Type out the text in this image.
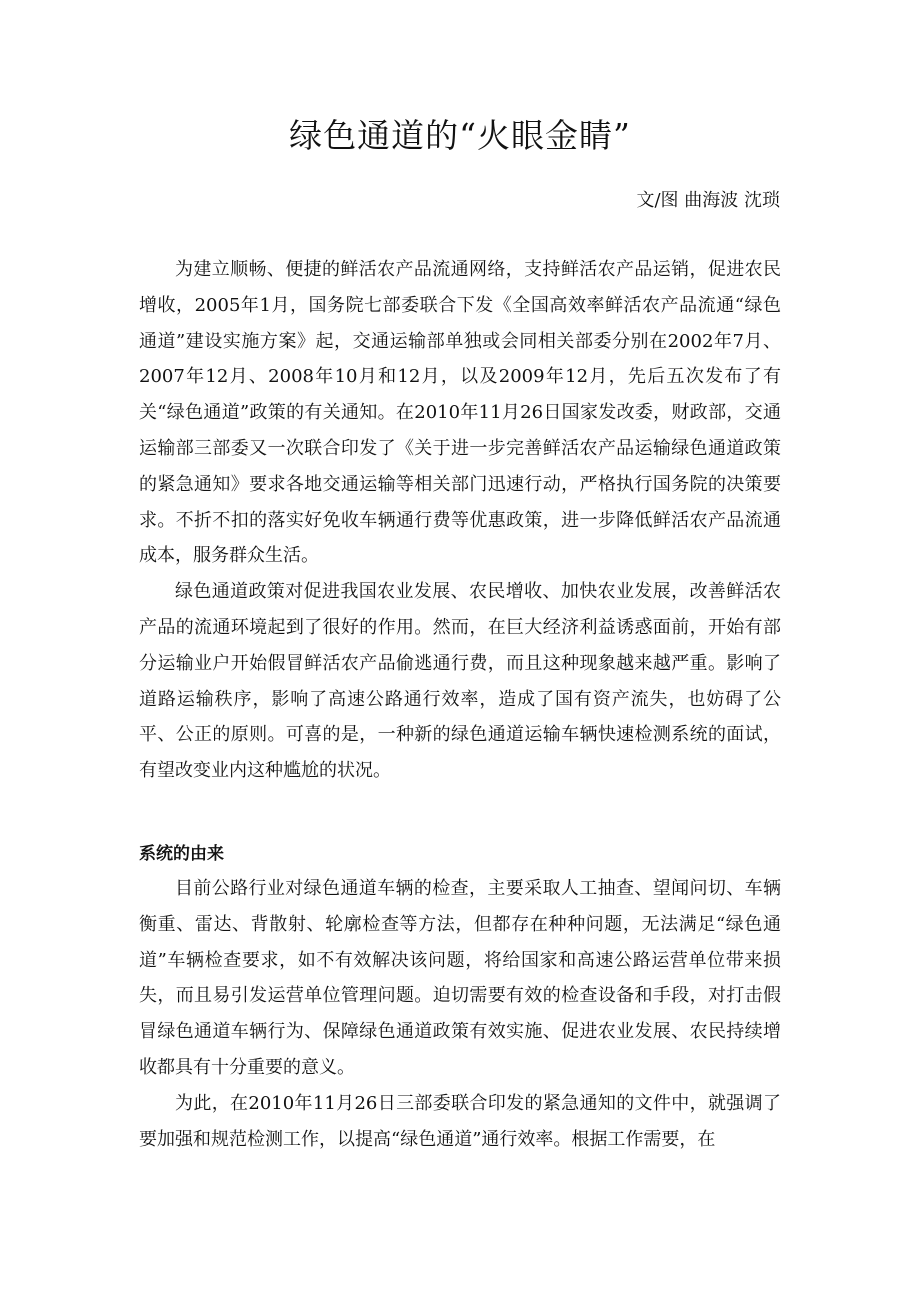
绿色通道的“火眼金睛”

文/图 曲海波 沈琐

为建立顺畅、便捷的鲜活农产品流通网络，支持鲜活农产品运销，促进农民增收，2005年1月，国务院七部委联合下发《全国高效率鲜活农产品流通“绿色通道”建设实施方案》起，交通运输部单独或会同相关部委分别在2002年7月、2007年12月、2008年10月和12月，以及2009年12月，先后五次发布了有关“绿色通道”政策的有关通知。在2010年11月26日国家发改委，财政部，交通运输部三部委又一次联合印发了《关于进一步完善鲜活农产品运输绿色通道政策的紧急通知》要求各地交通运输等相关部门迅速行动，严格执行国务院的决策要求。不折不扣的落实好免收车辆通行费等优惠政策，进一步降低鲜活农产品流通成本，服务群众生活。

绿色通道政策对促进我国农业发展、农民增收、加快农业发展，改善鲜活农产品的流通环境起到了很好的作用。然而，在巨大经济利益诱惑面前，开始有部分运输业户开始假冒鲜活农产品偷逃通行费，而且这种现象越来越严重。影响了道路运输秩序，影响了高速公路通行效率，造成了国有资产流失，也妨碍了公平、公正的原则。可喜的是，一种新的绿色通道运输车辆快速检测系统的面试，有望改变业内这种尴尬的状况。

系统的由来

目前公路行业对绿色通道车辆的检查，主要采取人工抽查、望闻问切、车辆衡重、雷达、背散射、轮廓检查等方法，但都存在种种问题，无法满足“绿色通道”车辆检查要求，如不有效解决该问题，将给国家和高速公路运营单位带来损失，而且易引发运营单位管理问题。迫切需要有效的检查设备和手段，对打击假冒绿色通道车辆行为、保障绿色通道政策有效实施、促进农业发展、农民持续增收都具有十分重要的意义。

为此，在2010年11月26日三部委联合印发的紧急通知的文件中，就强调了要加强和规范检测工作，以提高“绿色通道”通行效率。根据工作需要，在
